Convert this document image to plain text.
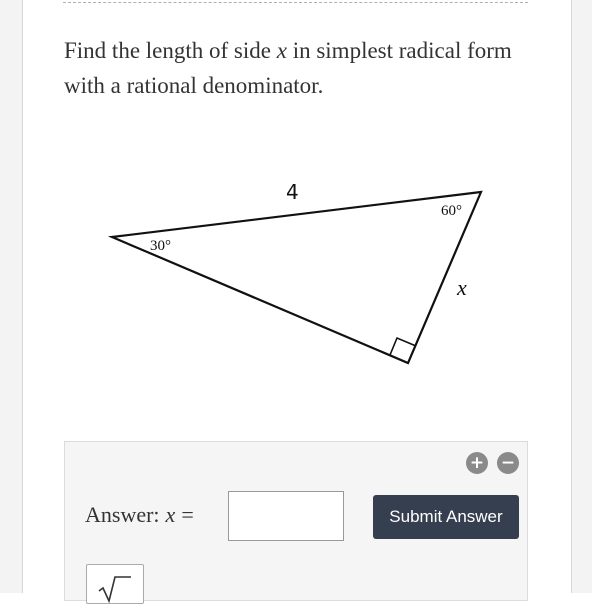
Find the length of side x in simplest radical form with a rational denominator.
4
60°
30°
x
+ −
Answer: x =	Submit Answer
